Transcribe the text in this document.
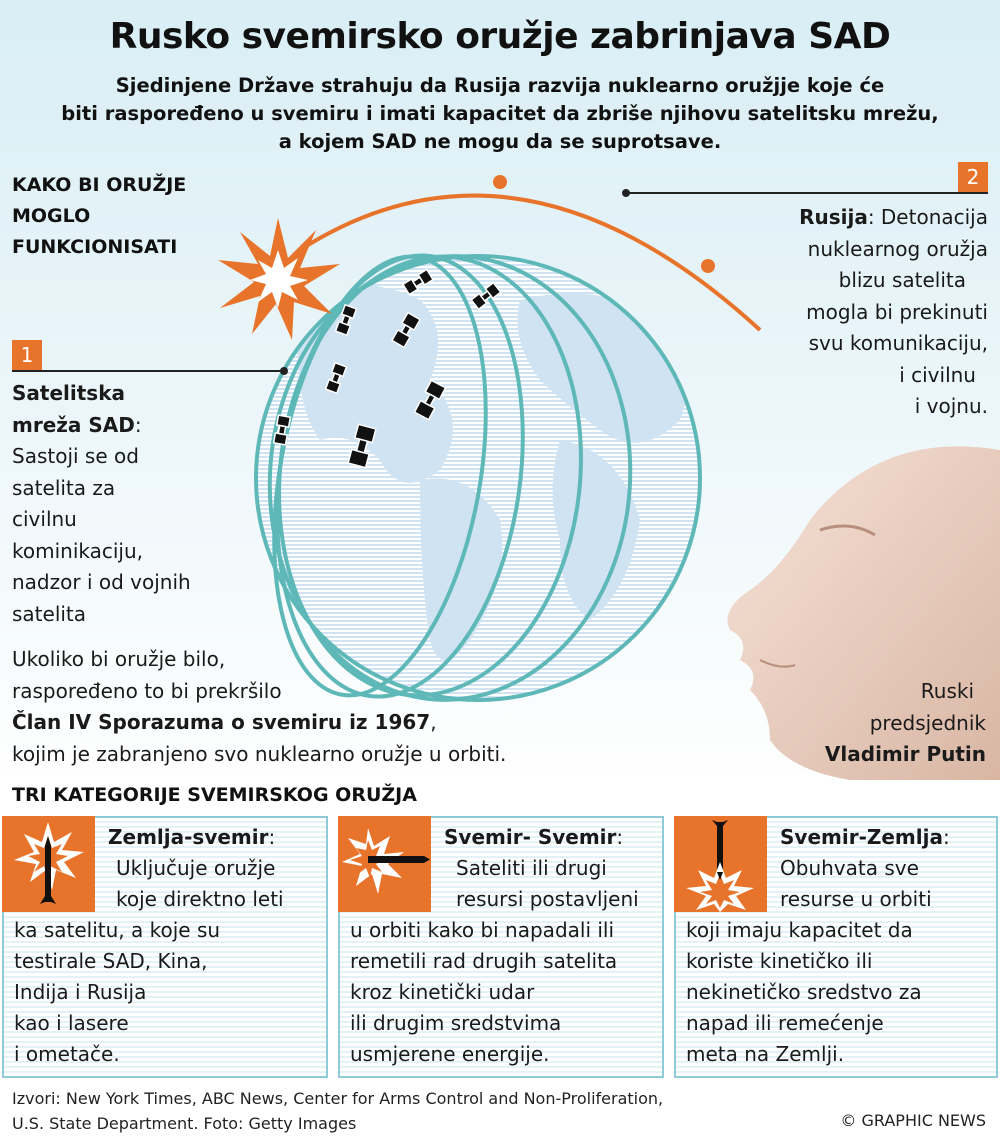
Rusko svemirsko oružje zabrinjava SAD
Sjedinjene Države strahuju da Rusija razvija nuklearno oružjje koje će
biti raspoređeno u svemiru i imati kapacitet da zbriše njihovu satelitsku mrežu,
a kojem SAD ne mogu da se suprotsave.
KAKO BI ORUŽJE
MOGLO
FUNKCIONISATI
1
Satelitska
mreža SAD:
Sastoji se od
satelita za
civilnu
kominikaciju,
nadzor i od vojnih
satelita
2
Rusija: Detonacija
nuklearnog oružja
blizu satelita
mogla bi prekinuti
svu komunikaciju,
i civilnu
i vojnu.
Ruski
predsjednik
Vladimir Putin
Ukoliko bi oružje bilo,
raspoređeno to bi prekršilo
Član IV Sporazuma o svemiru iz 1967,
kojim je zabranjeno svo nuklearno oružje u orbiti.
TRI KATEGORIJE SVEMIRSKOG ORUŽJA
Zemlja-svemir:
Uključuje oružje
koje direktno leti
ka satelitu, a koje su
testirale SAD, Kina,
Indija i Rusija
kao i lasere
i ometače.
Svemir- Svemir:
Sateliti ili drugi
resursi postavljeni
u orbiti kako bi napadali ili
remetili rad drugih satelita
kroz kinetički udar
ili drugim sredstvima
usmjerene energije.
Svemir-Zemlja:
Obuhvata sve
resurse u orbiti
koji imaju kapacitet da
koriste kinetičko ili
nekinetičko sredstvo za
napad ili remećenje
meta na Zemlji.
Izvori: New York Times, ABC News, Center for Arms Control and Non-Proliferation,
U.S. State Department. Foto: Getty Images	© GRAPHIC NEWS
